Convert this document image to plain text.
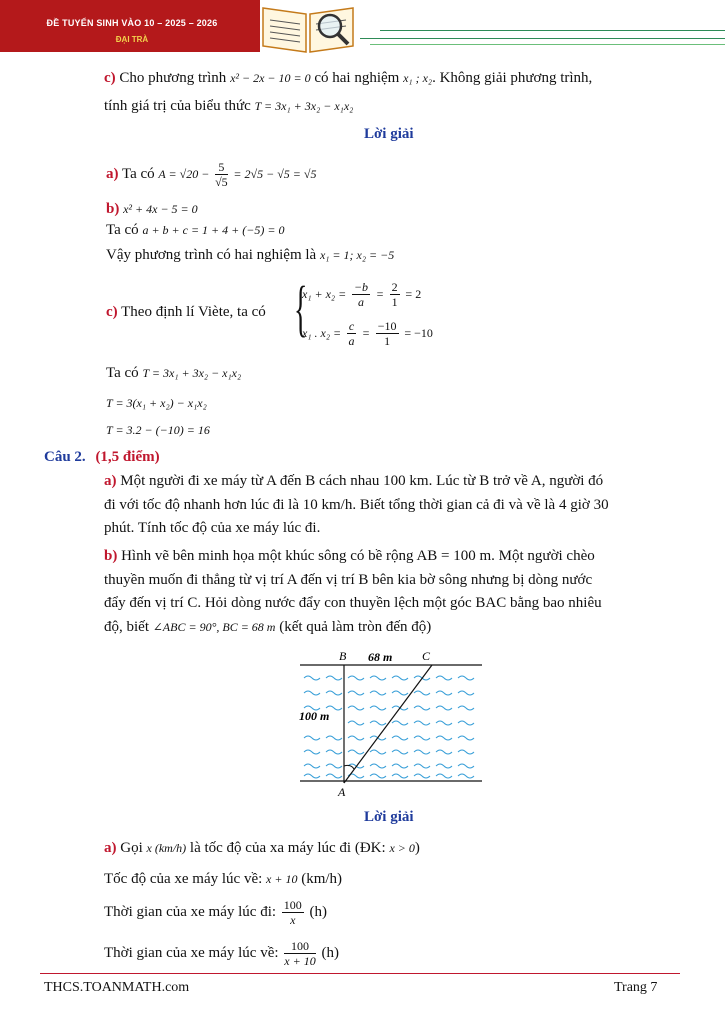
ĐỀ TUYỂN SINH VÀO 10 – 2025 – 2026
ĐẠI TRÀ
c) Cho phương trình x² − 2x − 10 = 0 có hai nghiệm x₁ ; x₂. Không giải phương trình,
tính giá trị của biểu thức T = 3x₁ + 3x₂ − x₁x₂
Lời giải
a) Ta có $A = √20 - \frac{5}{√5} = 2√5 - √5 = √5$
b) x² + 4x − 5 = 0
Ta có a + b + c = 1 + 4 + (−5) = 0
Vậy phương trình có hai nghiệm là x₁ = 1; x₂ = −5
c) Theo định lí Viète, ta có {
$x_1 + x_2 = \frac{-b}{a} = \frac{2}{1} = 2$
x₁ . $x_2 = \frac{c}{a} = \frac{-10}{1} = -10$
Ta có T = 3x₁ + 3x₂ − x₁x₂
T = 3(x₁ + x₂) − x₁x₂
T = 3.2 − (−10) = 16
Câu 2. (1,5 điểm)
a) Một người đi xe máy từ A đến B cách nhau 100 km. Lúc từ B trở về A, người đó
đi với tốc độ nhanh hơn lúc đi là 10 km/h. Biết tổng thời gian cả đi và về là 4 giờ 30
phút. Tính tốc độ của xe máy lúc đi.
b) Hình vẽ bên minh họa một khúc sông có bề rộng AB = 100 m. Một người chèo
thuyền muốn đi thẳng từ vị trí A đến vị trí B bên kia bờ sông nhưng bị dòng nước
đẩy đến vị trí C. Hỏi dòng nước đẩy con thuyền lệch một góc BAC bằng bao nhiêu
độ, biết ∠ABC = 90°, BC = 68 m (kết quả làm tròn đến độ)
B	C
68 m
100 m
A
Lời giải
a) Gọi x (km/h) là tốc độ của xa máy lúc đi (ĐK: x > 0)
Tốc độ của xe máy lúc về: x + 10 (km/h)
Thời gian của xe máy lúc đi: $\frac{100}{x} (h)$
Thời gian của xe máy lúc về: $\frac{100}{x + 10} (h)$
THCS.TOANMATH.com	Trang 7
